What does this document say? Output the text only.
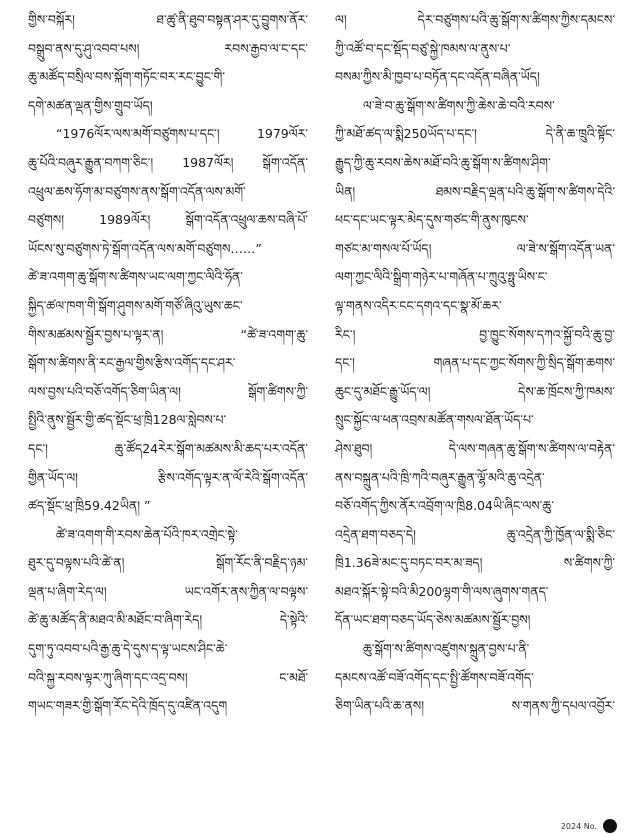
གྱིས་བསྐོར། ཐ་ཚུ་ནི་ཐུབ་བསྟན་ཤར་དུ་བྱུགས་ནོར་

བསྒྲུབ་ནས་དུ་ཤུ་འབབ་པས། རབས་རྒྱབ་ལ་ང་དང་

ཆུ་མཚོད་བསྲིལ་བས་སྐོག་གཏོང་བར་རང་བྱུང་གི་

དགེ་མཚན་ལྡན་གྱིས་གྲུབ་ཡོད།

“1976ལོར་ལས་མགོ་བཙུགས་པ་དང་། 1979ལོར་

ཆུ་པོའི་བཞུར་རྒྱུན་བཀག་ཅིང་། 1987ལོར། སྒོག་འདོན་

འཕྲུལ་ཆས་ཧོག་མ་བཙུགས་ནས་སྒོག་འདོན་ལས་མགོ་

བཙུགས། 1989ལོར། སྒོག་འདོན་འཕྲུལ་ཆས་བཞི་པོ་

ཡོངས་སུ་བཙུགས་ཏེ་སྒོག་འདོན་ལས་མགོ་བཙུགས……”

ཚེ་ཟ་འགག་ཆུ་སྒོག་ས་ཚིགས་ཡང་ལག་ཀྱང་ལིའི་ཧོན་

སྐྱིད་ཚལ་ཁག་གི་སྒོག་ཤུགས་མགོ་གཙོ་ཞིའུ་ཡུས་ཆང་

གིས་མཚམས་སྦྱོར་བྱས་པ་ལྟར་ན། “ཚེ་ཟ་འགག་ཆུ་

སྒོག་ས་ཚིགས་ནི་རང་རྒྱལ་གྱིས་རྩིས་འགོད་དང་ཤར་

ལས་བྱས་པའི་བཅོ་འགོད་ཅིག་ཡིན་ལ། སྒོག་ཚིགས་ཀྱི་

སྤྱིའི་ནུས་སྦྱོར་གྱི་ཚད་སྡོང་ཕྲ་ཁྲི128ལ་སླེབས་པ་

དང་། ཆུ་ཚོད24རེར་སྒོག་མཚམས་མི་ཆད་པར་འདོན་

གྱིན་ཡོད་ལ། རྩིས་འགོད་ལྟར་ན་ལོ་རེའི་སྒོག་འདོན་

ཚད་སྡོང་ཕྲ་ཁྲི59.42ཡིན། ”

ཚེ་ཟ་འགག་གི་རབས་ཆེན་པོའི་ཁར་འགྲེང་སྟེ་

ཐུར་དུ་བལྟས་པའི་ཚེ་ན། སྒོག་རོང་ནི་བརྗིད་ཉམ་

ལྡན་པ་ཞིག་རེད་ལ། ཡང་འགོར་ནས་ཀྱིན་ལ་བལྟས་

ཚེ་ཆུ་མཚོད་ནི་མཐའ་མི་མཐོང་བ་ཞིག་རེད། དེ་སྟེའི་

དུག་ཏུ་འབབ་པའི་རྒྱ་ཆུ་དེ་དུས་ད་ལྟ་ཡངས་ཤིང་ཆེ་

བའི་སྐྱ་རབས་ལྟར་ཀུ་ཞིག་དང་འདྲ་བས། ང་མཐོ་

གཡང་གཟར་གྱི་སྒོག་རོང་དེའི་ཁྲོད་དུ་འཛིན་འདུག

ལ། དེར་བཙུགས་པའི་ཆུ་སྒོག་ས་ཚིགས་ཀྱིས་དམངས་

ཀྱི་འཚོ་བ་དང་སྡོད་བཙུ་སྐྱེ་ཁམས་ལ་ནུས་པ་

བསམ་ཀྱིས་མི་ཁྱབ་པ་བཏོན་དང་འདོན་བཞིན་ཡོད།

ལ་ཟེ་བ་ཆུ་སྒོག་ས་ཚིགས་ཀྱི་ཆེས་ཆེ་བའི་རབས་

ཀྱི་མཐོ་ཚད་ལ་སྨི250ཡོད་པ་དང་། དེ་ནི་ཆ་ཁྲུའི་སྟོང་

རྒྱུད་ཀྱི་ཆུ་རབས་ཆེས་མཐོ་བའི་ཆུ་སྒོག་ས་ཚིགས་ཤིག་

ཡིན། ཐམས་བརྗིད་ལྡན་པའི་ཆུ་སྒོག་ས་ཚིགས་དེའི་

ཕང་དང་ཡང་ལྟར་མེད་དུས་གཙང་གི་ནུས་ཁུངས་

གཙང་མ་གསལ་པོ་ཡོད། ལ་ཟེ་ས་སྒོག་འདོན་ཡན་

ལག་ཀྱང་ལིའི་སྒྲིག་གཉེར་པ་གཞོན་པ་ཀྲུའུ་ཧྥུ་ཡིས་ང་

ལྟ་གནས་འདིར་ངང་དགའ་དང་སྣ་མོ་ཆར་

རིང་། བྱ་ཁྱུང་སོགས་དཀའ་སྐྱོ་བའི་ཆུ་བྱ་

དང་། གཞན་པ་དང་ཀྱང་སོགས་ཀྱི་སྲིད་སྒོག་ཆགས་

ཆུང་དུ་མཐོང་རྒྱུ་ཡོད་ལ། དེས་ཆ་ཁྲོངས་ཀྱི་ཁམས་

སྲུང་སྐྱོང་ལ་ཕན་འབྲས་མཚོན་གསལ་ཐོན་ཡོད་པ་

ཤེས་ཐུབ། དེ་ལས་གཞན་ཆུ་སྒོག་ས་ཚིགས་ལ་བརྟེན་

ནས་བསྐྲུན་པའི་ཁྲི་ཀའི་བཞུར་རྒྱུན་ལྷོ་མའི་ཆུ་འདྲེན་

བཅོ་འགོད་ཀྱིས་ནོར་འབྲོག་ལ་ཁྲི8.04ཡི་ཞིང་ལས་ཆུ་

འདྲེན་ཐག་བཅད་དེ། ཆུ་འདྲེན་ཀྱི་ཁྱོན་ལ་སྨི་ཅིང་

ཁྲི1.36ཟེ་མང་དུ་བཏང་བར་མ་ཟད། ས་ཚིགས་ཀྱི་

མཐའ་སྐོར་སྟེ་བའི་མི200ལྷག་གི་ལས་ཞུགས་གནད་

དོན་ཡང་ཐག་བཅད་ཡོད་ཅེས་མཚམས་སྦྱོར་བྱས།

ཆུ་སྒོག་ས་ཚིགས་འཛུགས་སྐྲུན་བྱས་པ་ནི་

དམངས་འཚོ་བཟོ་འགོད་དང་སྤྱི་ཚོགས་བཟོ་འགོད་

ཅིག་ཡིན་པའི་ཆ་ནས། ས་གནས་ཀྱི་དཔལ་འབྱོར་

2024 No.
